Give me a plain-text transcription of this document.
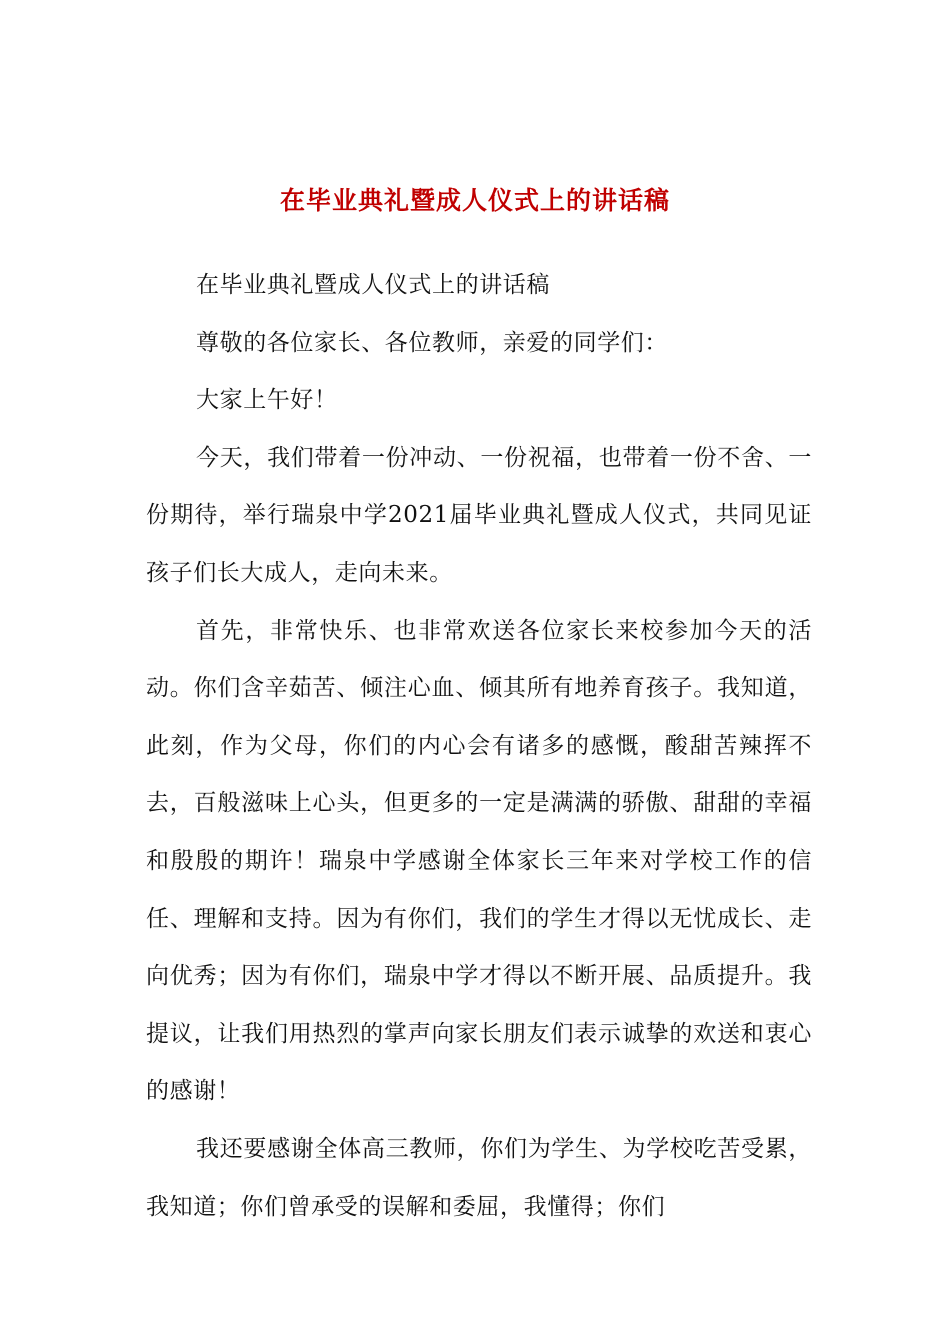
在毕业典礼暨成人仪式上的讲话稿

在毕业典礼暨成人仪式上的讲话稿

尊敬的各位家长、各位教师，亲爱的同学们：

大家上午好！

今天，我们带着一份冲动、一份祝福，也带着一份不舍、一份期待，举行瑞泉中学2021届毕业典礼暨成人仪式，共同见证孩子们长大成人，走向未来。

首先，非常快乐、也非常欢送各位家长来校参加今天的活动。你们含辛茹苦、倾注心血、倾其所有地养育孩子。我知道，此刻，作为父母，你们的内心会有诸多的感慨，酸甜苦辣挥不去，百般滋味上心头，但更多的一定是满满的骄傲、甜甜的幸福和殷殷的期许！瑞泉中学感谢全体家长三年来对学校工作的信任、理解和支持。因为有你们，我们的学生才得以无忧成长、走向优秀；因为有你们，瑞泉中学才得以不断开展、品质提升。我提议，让我们用热烈的掌声向家长朋友们表示诚挚的欢送和衷心的感谢！

我还要感谢全体高三教师，你们为学生、为学校吃苦受累，我知道；你们曾承受的误解和委屈，我懂得；你们
